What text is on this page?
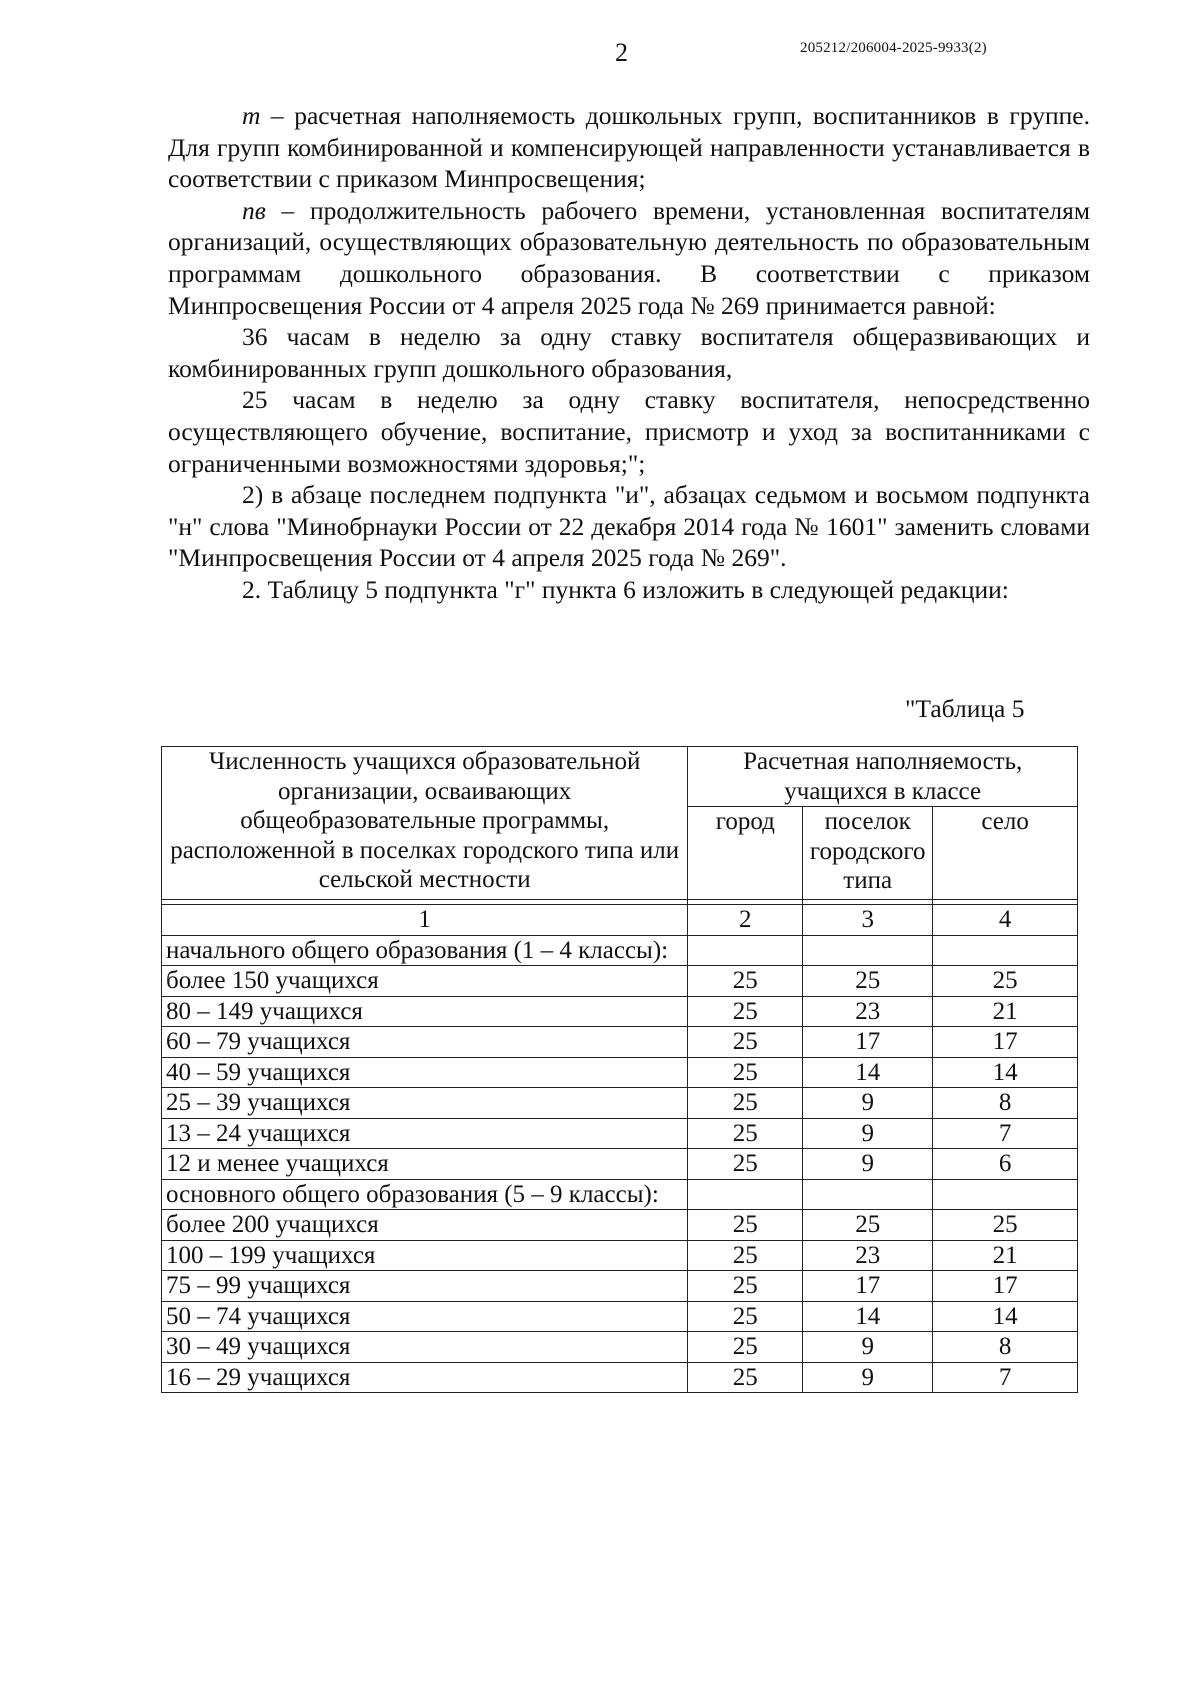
2	205212/206004-2025-9933(2)

m – расчетная наполняемость дошкольных групп, воспитанников в группе. Для групп комбинированной и компенсирующей направленности устанавливается в соответствии с приказом Минпросвещения;

nв – продолжительность рабочего времени, установленная воспитателям организаций, осуществляющих образовательную деятельность по образовательным программам дошкольного образования. В соответствии с приказом Минпросвещения России от 4 апреля 2025 года № 269 принимается равной:

36 часам в неделю за одну ставку воспитателя общеразвивающих и комбинированных групп дошкольного образования,

25 часам в неделю за одну ставку воспитателя, непосредственно осуществляющего обучение, воспитание, присмотр и уход за воспитанниками с ограниченными возможностями здоровья;";

2) в абзаце последнем подпункта "и", абзацах седьмом и восьмом подпункта "н" слова "Минобрнауки России от 22 декабря 2014 года № 1601" заменить словами "Минпросвещения России от 4 апреля 2025 года № 269".

2. Таблицу 5 подпункта "г" пункта 6 изложить в следующей редакции:

"Таблица 5
Численность учащихся образовательной организации, осваивающих общеобразовательные программы, расположенной в поселках городского типа или сельской местности	Расчетная наполняемость, учащихся в классе		
	город	поселок городского типа	село

1	2	3	4
начального общего образования (1 – 4 классы):			
более 150 учащихся	25	25	25
80 – 149 учащихся	25	23	21
60 – 79 учащихся	25	17	17
40 – 59 учащихся	25	14	14
25 – 39 учащихся	25	9	8
13 – 24 учащихся	25	9	7
12 и менее учащихся	25	9	6
основного общего образования (5 – 9 классы):			
более 200 учащихся	25	25	25
100 – 199 учащихся	25	23	21
75 – 99 учащихся	25	17	17
50 – 74 учащихся	25	14	14
30 – 49 учащихся	25	9	8
16 – 29 учащихся	25	9	7
